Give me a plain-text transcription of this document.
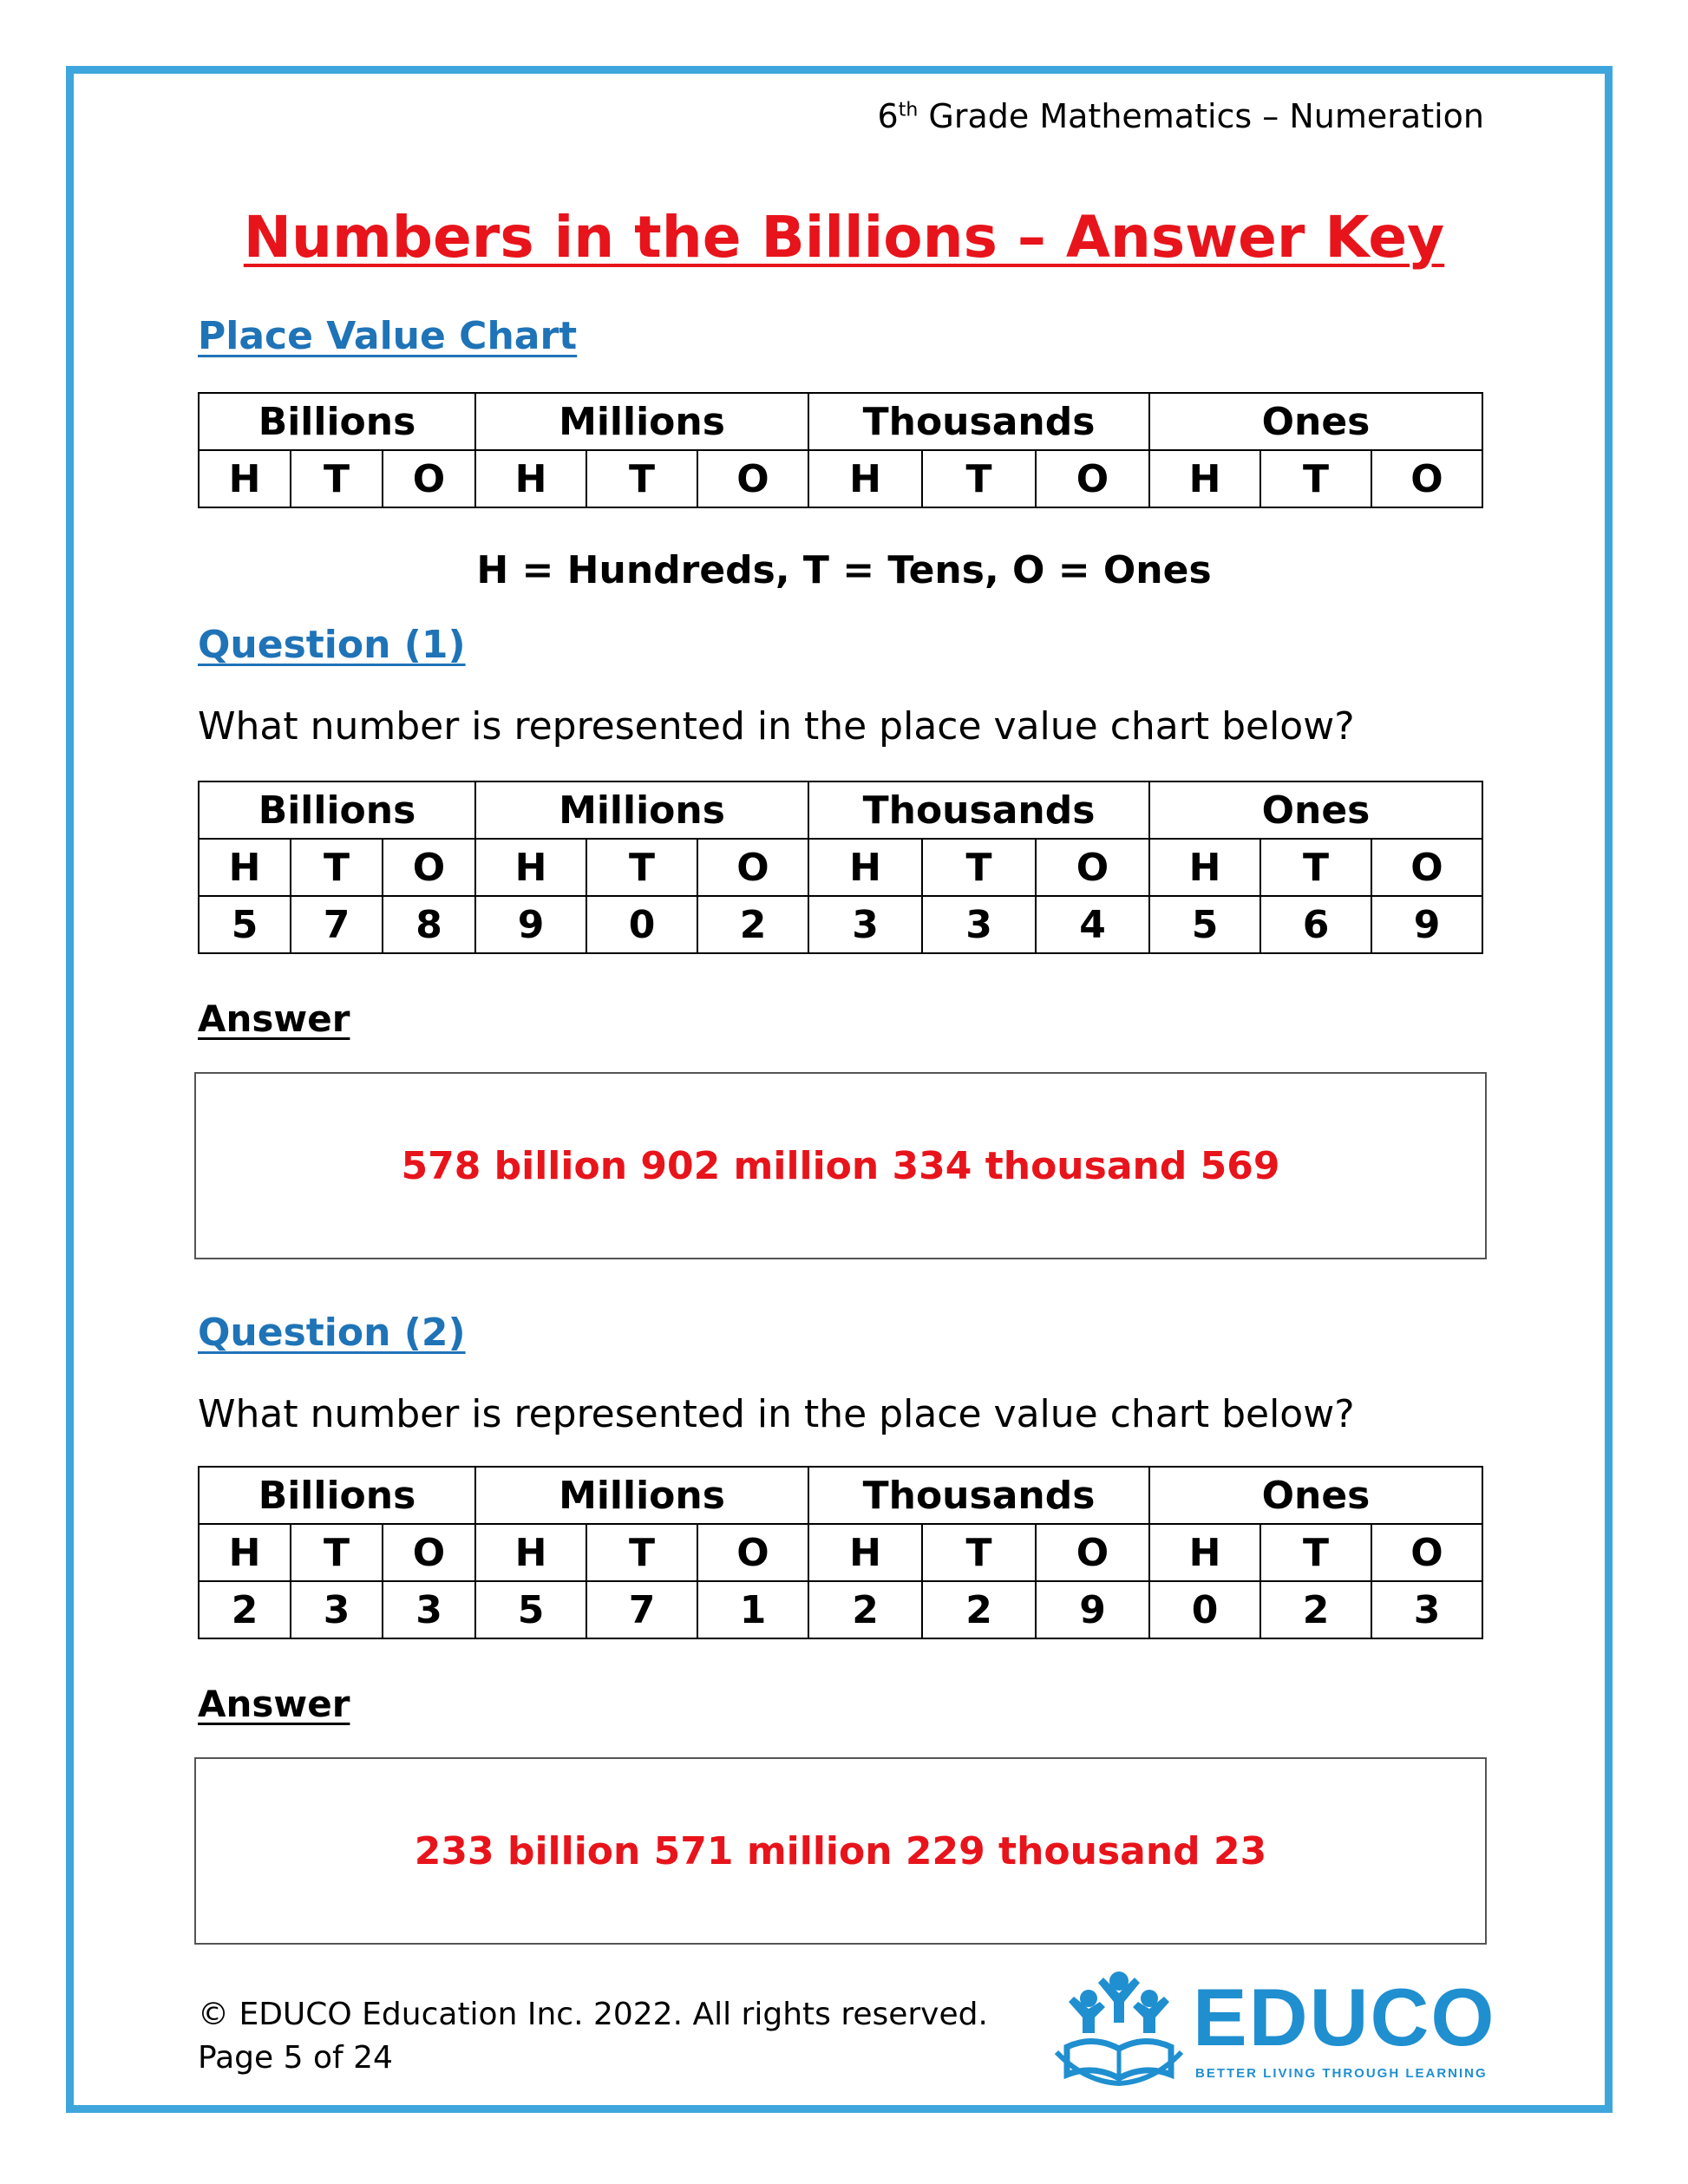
6th Grade Mathematics – Numeration
Numbers in the Billions – Answer Key
Place Value Chart
Billions			Millions			Thousands			Ones		
H	T	O	H	T	O	H	T	O	H	T	O
H = Hundreds, T = Tens, O = Ones
Question (1)
What number is represented in the place value chart below?
Billions			Millions			Thousands			Ones		
H	T	O	H	T	O	H	T	O	H	T	O
5	7	8	9	0	2	3	3	4	5	6	9
Answer
578 billion 902 million 334 thousand 569
Question (2)
What number is represented in the place value chart below?
Billions			Millions			Thousands			Ones		
H	T	O	H	T	O	H	T	O	H	T	O
2	3	3	5	7	1	2	2	9	0	2	3
Answer
233 billion 571 million 229 thousand 23
© EDUCO Education Inc. 2022. All rights reserved.
Page 5 of 24	EDUCO
BETTER LIVING THROUGH LEARNING
